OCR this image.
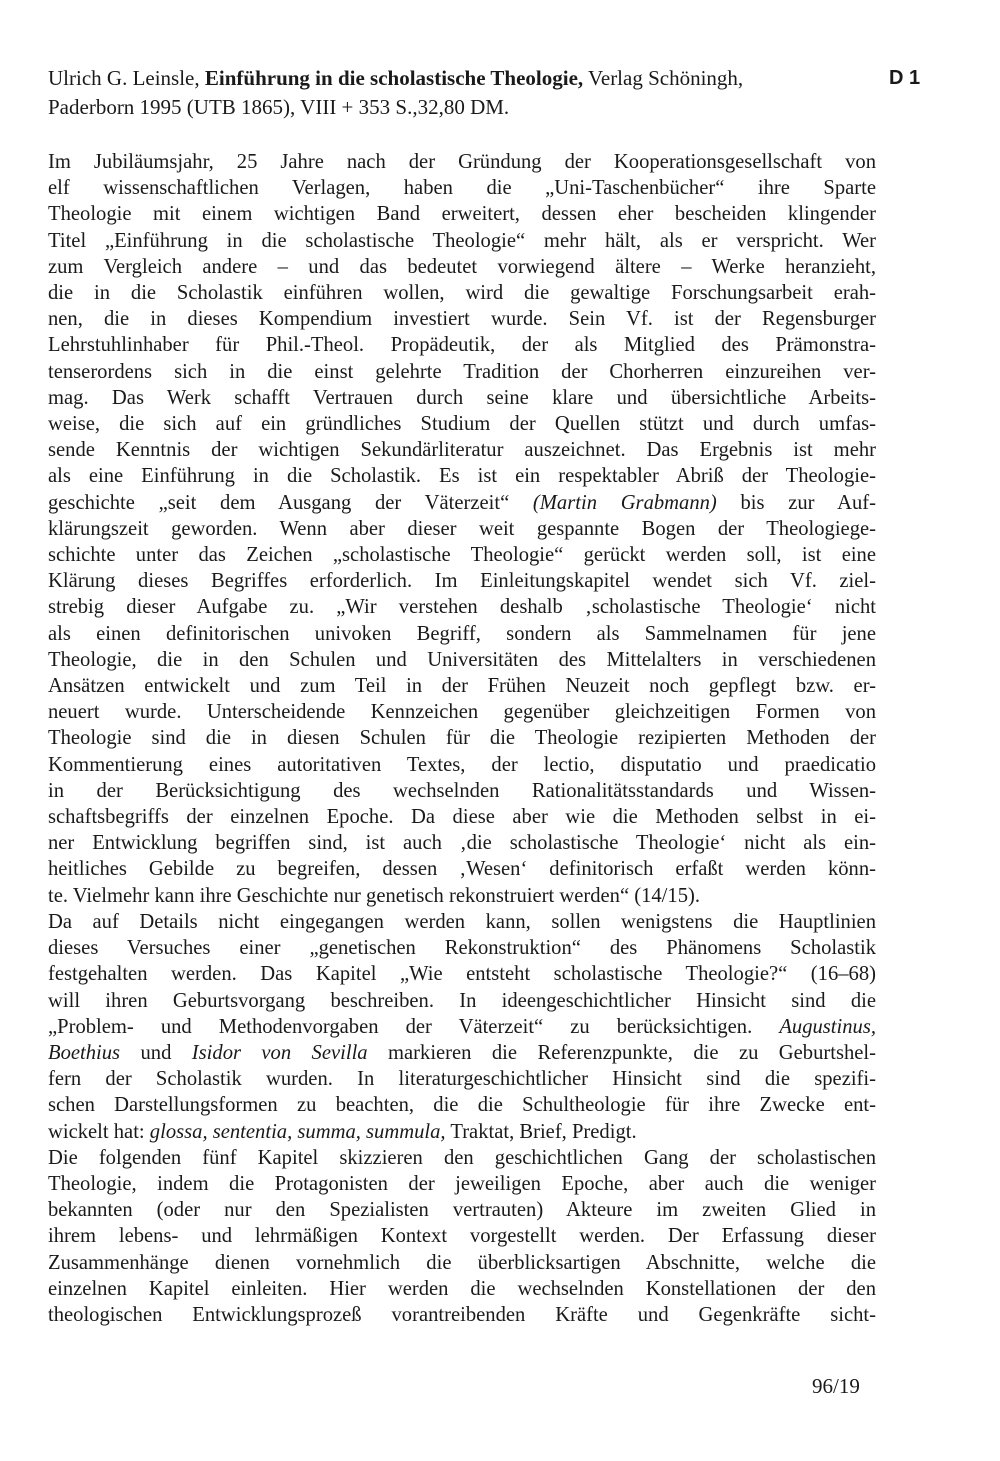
Ulrich G. Leinsle, Einführung in die scholastische Theologie, Verlag Schöningh,
Paderborn 1995 (UTB 1865), VIII + 353 S.,32,80 DM.

D 1
Im Jubiläumsjahr, 25 Jahre nach der Gründung der Kooperationsgesellschaft von
elf wissenschaftlichen Verlagen, haben die „Uni-Taschenbücher“ ihre Sparte
Theologie mit einem wichtigen Band erweitert, dessen eher bescheiden klingender
Titel „Einführung in die scholastische Theologie“ mehr hält, als er verspricht. Wer
zum Vergleich andere – und das bedeutet vorwiegend ältere – Werke heranzieht,
die in die Scholastik einführen wollen, wird die gewaltige Forschungsarbeit erah-
nen, die in dieses Kompendium investiert wurde. Sein Vf. ist der Regensburger
Lehrstuhlinhaber für Phil.-Theol. Propädeutik, der als Mitglied des Prämonstra-
tenserordens sich in die einst gelehrte Tradition der Chorherren einzureihen ver-
mag. Das Werk schafft Vertrauen durch seine klare und übersichtliche Arbeits-
weise, die sich auf ein gründliches Studium der Quellen stützt und durch umfas-
sende Kenntnis der wichtigen Sekundärliteratur auszeichnet. Das Ergebnis ist mehr
als eine Einführung in die Scholastik. Es ist ein respektabler Abriß der Theologie-
geschichte „seit dem Ausgang der Väterzeit“ (Martin Grabmann) bis zur Auf-
klärungszeit geworden. Wenn aber dieser weit gespannte Bogen der Theologiege-
schichte unter das Zeichen „scholastische Theologie“ gerückt werden soll, ist eine
Klärung dieses Begriffes erforderlich. Im Einleitungskapitel wendet sich Vf. ziel-
strebig dieser Aufgabe zu. „Wir verstehen deshalb ‚scholastische Theologie‘ nicht
als einen definitorischen univoken Begriff, sondern als Sammelnamen für jene
Theologie, die in den Schulen und Universitäten des Mittelalters in verschiedenen
Ansätzen entwickelt und zum Teil in der Frühen Neuzeit noch gepflegt bzw. er-
neuert wurde. Unterscheidende Kennzeichen gegenüber gleichzeitigen Formen von
Theologie sind die in diesen Schulen für die Theologie rezipierten Methoden der
Kommentierung eines autoritativen Textes, der lectio, disputatio und praedicatio
in der Berücksichtigung des wechselnden Rationalitätsstandards und Wissen-
schaftsbegriffs der einzelnen Epoche. Da diese aber wie die Methoden selbst in ei-
ner Entwicklung begriffen sind, ist auch ‚die scholastische Theologie‘ nicht als ein-
heitliches Gebilde zu begreifen, dessen ‚Wesen‘ definitorisch erfaßt werden könn-
te. Vielmehr kann ihre Geschichte nur genetisch rekonstruiert werden“ (14/15).
Da auf Details nicht eingegangen werden kann, sollen wenigstens die Hauptlinien
dieses Versuches einer „genetischen Rekonstruktion“ des Phänomens Scholastik
festgehalten werden. Das Kapitel „Wie entsteht scholastische Theologie?“ (16–68)
will ihren Geburtsvorgang beschreiben. In ideengeschichtlicher Hinsicht sind die
„Problem- und Methodenvorgaben der Väterzeit“ zu berücksichtigen. Augustinus,
Boethius und Isidor von Sevilla markieren die Referenzpunkte, die zu Geburtshel-
fern der Scholastik wurden. In literaturgeschichtlicher Hinsicht sind die spezifi-
schen Darstellungsformen zu beachten, die die Schultheologie für ihre Zwecke ent-
wickelt hat: glossa, sententia, summa, summula, Traktat, Brief, Predigt.
Die folgenden fünf Kapitel skizzieren den geschichtlichen Gang der scholastischen
Theologie, indem die Protagonisten der jeweiligen Epoche, aber auch die weniger
bekannten (oder nur den Spezialisten vertrauten) Akteure im zweiten Glied in
ihrem lebens- und lehrmäßigen Kontext vorgestellt werden. Der Erfassung dieser
Zusammenhänge dienen vornehmlich die überblicksartigen Abschnitte, welche die
einzelnen Kapitel einleiten. Hier werden die wechselnden Konstellationen der den
theologischen Entwicklungsprozeß vorantreibenden Kräfte und Gegenkräfte sicht-
96/19
